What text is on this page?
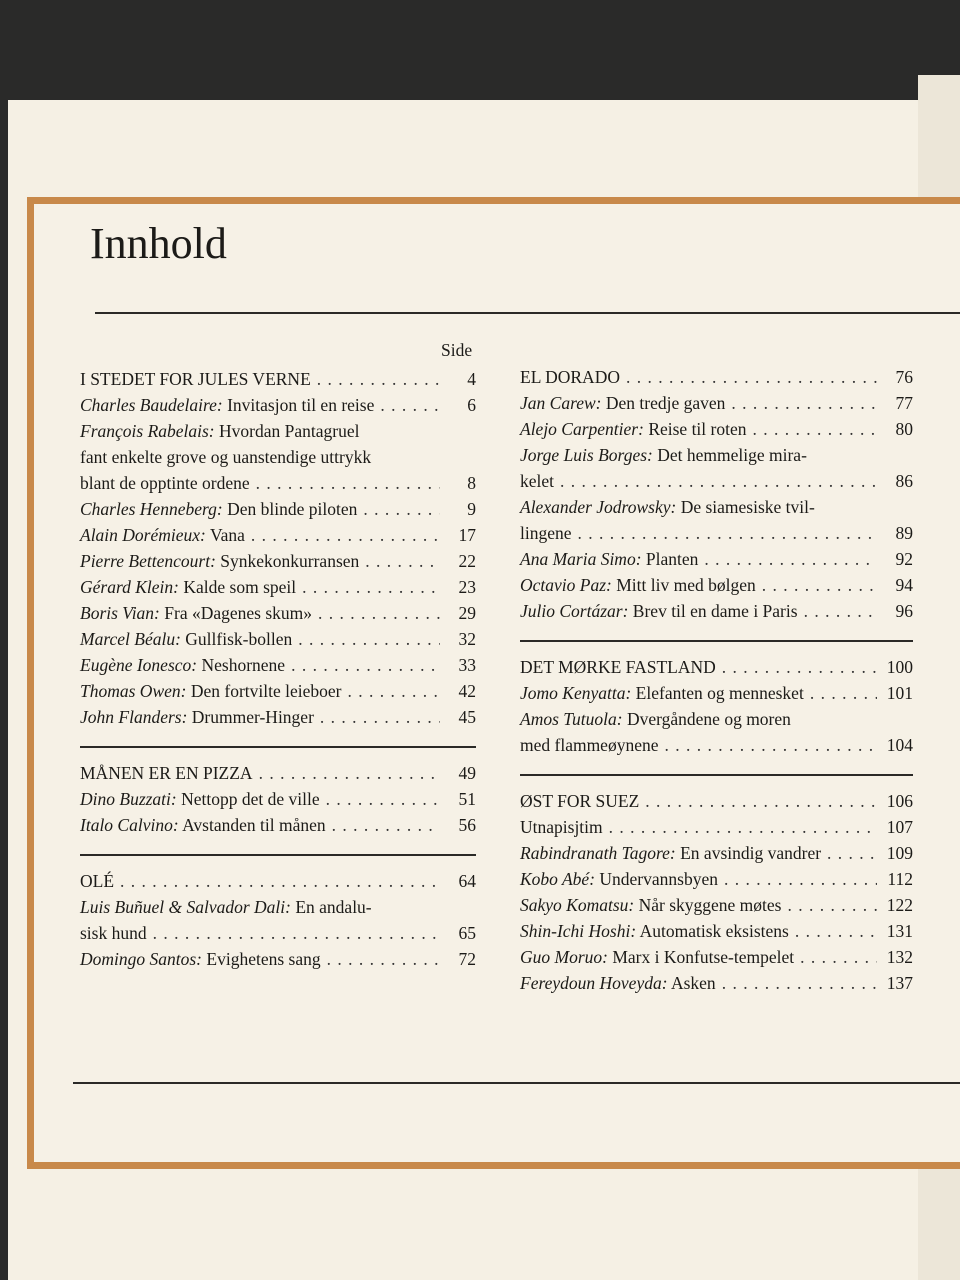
Innhold
Side
I STEDET FOR JULES VERNE . . .	4
Charles Baudelaire: Invitasjon til en reise . . .	6
François Rabelais: Hvordan Pantagruel
fant enkelte grove og uanstendige uttrykk
blant de opptinte ordene . . .	8
Charles Henneberg: Den blinde piloten . . .	9
Alain Dorémieux: Vana . . .	17
Pierre Bettencourt: Synkekonkurransen . . .	22
Gérard Klein: Kalde som speil . . .	23
Boris Vian: Fra «Dagenes skum» . . .	29
Marcel Béalu: Gullfisk-bollen . . .	32
Eugène Ionesco: Neshornene . . .	33
Thomas Owen: Den fortvilte leieboer . . .	42
John Flanders: Drummer-Hinger . . .	45
MÅNEN ER EN PIZZA . . .	49
Dino Buzzati: Nettopp det de ville . . .	51
Italo Calvino: Avstanden til månen . . .	56
OLÉ . . .	64
Luis Buñuel & Salvador Dali: En andalu-
sisk hund . . .	65
Domingo Santos: Evighetens sang . . .	72
EL DORADO . . .	76
Jan Carew: Den tredje gaven . . .	77
Alejo Carpentier: Reise til roten . . .	80
Jorge Luis Borges: Det hemmelige mira-
kelet . . .	86
Alexander Jodrowsky: De siamesiske tvil-
lingene . . .	89
Ana Maria Simo: Planten . . .	92
Octavio Paz: Mitt liv med bølgen . . .	94
Julio Cortázar: Brev til en dame i Paris . . .	96
DET MØRKE FASTLAND . . .	100
Jomo Kenyatta: Elefanten og mennesket . . .	101
Amos Tutuola: Dvergåndene og moren
med flammeøynene . . .	104
ØST FOR SUEZ . . .	106
Utnapisjtim . . .	107
Rabindranath Tagore: En avsindig vandrer . . .	109
Kobo Abé: Undervannsbyen . . .	112
Sakyo Komatsu: Når skyggene møtes . . .	122
Shin-Ichi Hoshi: Automatisk eksistens . . .	131
Guo Moruo: Marx i Konfutse-tempelet . . .	132
Fereydoun Hoveyda: Asken . . .	137
